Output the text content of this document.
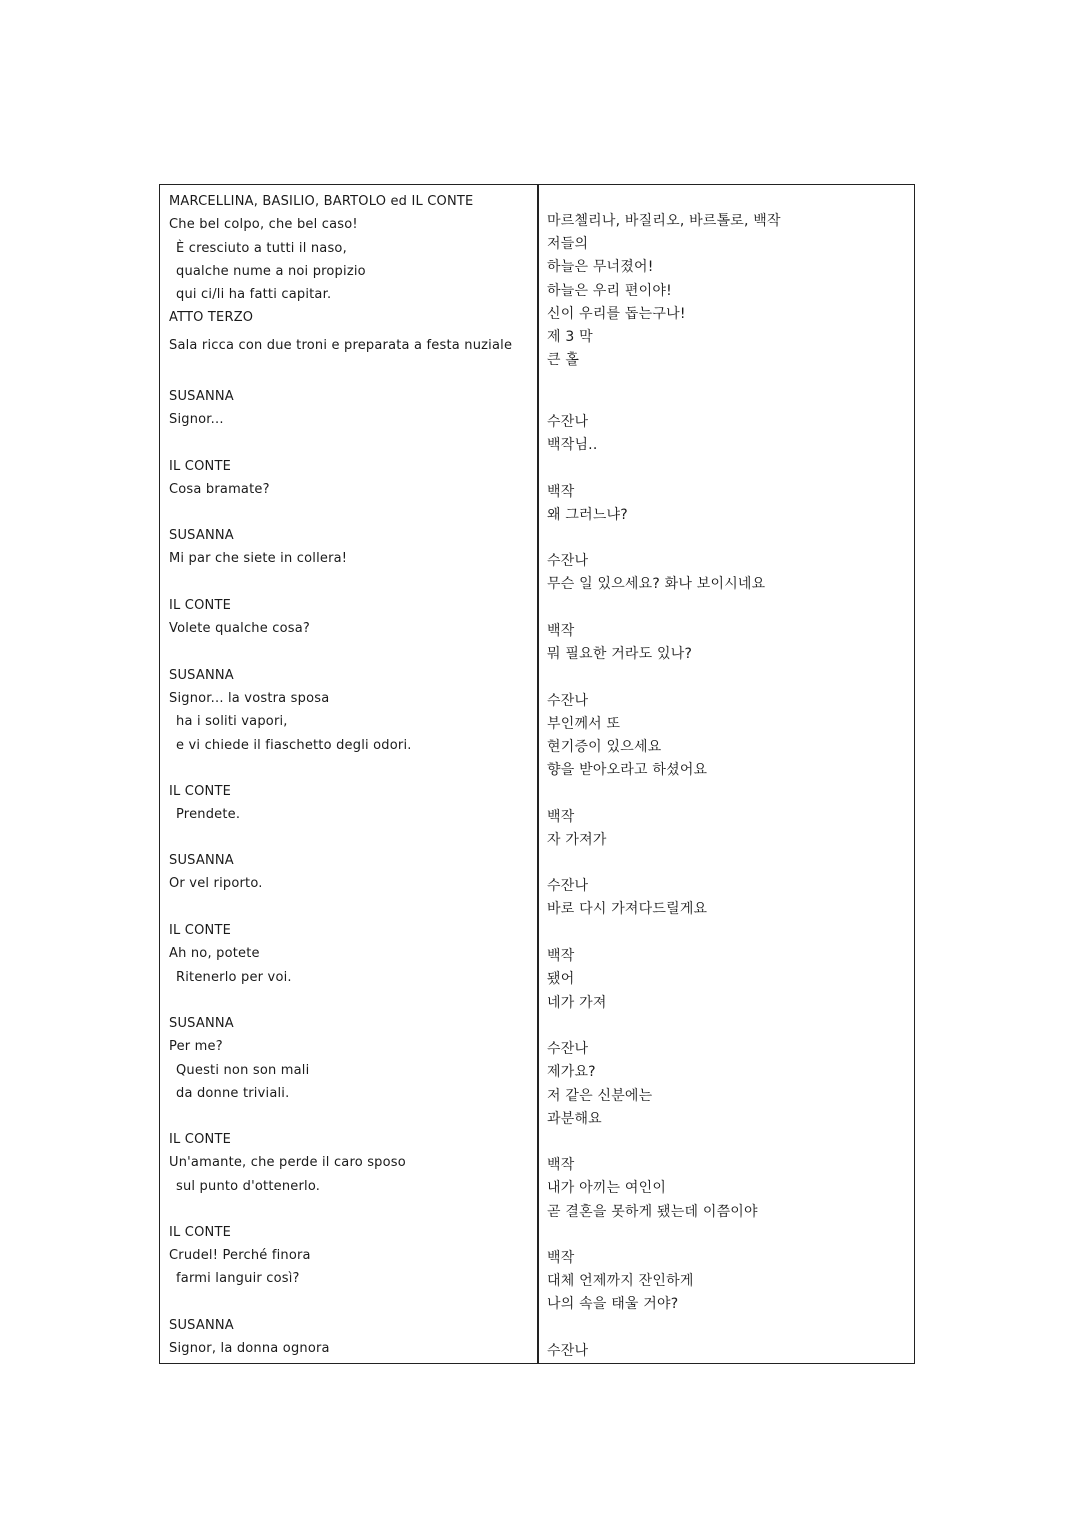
MARCELLINA, BASILIO, BARTOLO ed IL CONTE
Che bel colpo, che bel caso!
È cresciuto a tutti il naso,
qualche nume a noi propizio
qui ci/li ha fatti capitar.
ATTO TERZO
Sala ricca con due troni e preparata a festa nuziale
SUSANNA
Signor...
IL CONTE
Cosa bramate?
SUSANNA
Mi par che siete in collera!
IL CONTE
Volete qualche cosa?
SUSANNA
Signor... la vostra sposa
ha i soliti vapori,
e vi chiede il fiaschetto degli odori.
IL CONTE
Prendete.
SUSANNA
Or vel riporto.
IL CONTE
Ah no, potete
Ritenerlo per voi.
SUSANNA
Per me?
Questi non son mali
da donne triviali.
IL CONTE
Un'amante, che perde il caro sposo
sul punto d'ottenerlo.
IL CONTE
Crudel! Perché finora
farmi languir così?
SUSANNA
Signor, la donna ognora
마르첼리나, 바질리오, 바르톨로, 백작
저들의
하늘은 무너졌어!
하늘은 우리 편이야!
신이 우리를 돕는구나!
제 3 막
큰 홀
수잔나
백작님..
백작
왜 그러느냐?
수잔나
무슨 일 있으세요? 화나 보이시네요
백작
뭐 필요한 거라도 있나?
수잔나
부인께서 또
현기증이 있으세요
향을 받아오라고 하셨어요
백작
자 가져가
수잔나
바로 다시 가져다드릴게요
백작
됐어
네가 가져
수잔나
제가요?
저 같은 신분에는
과분해요
백작
내가 아끼는 여인이
곧 결혼을 못하게 됐는데 이쯤이야
백작
대체 언제까지 잔인하게
나의 속을 태울 거야?
수잔나
